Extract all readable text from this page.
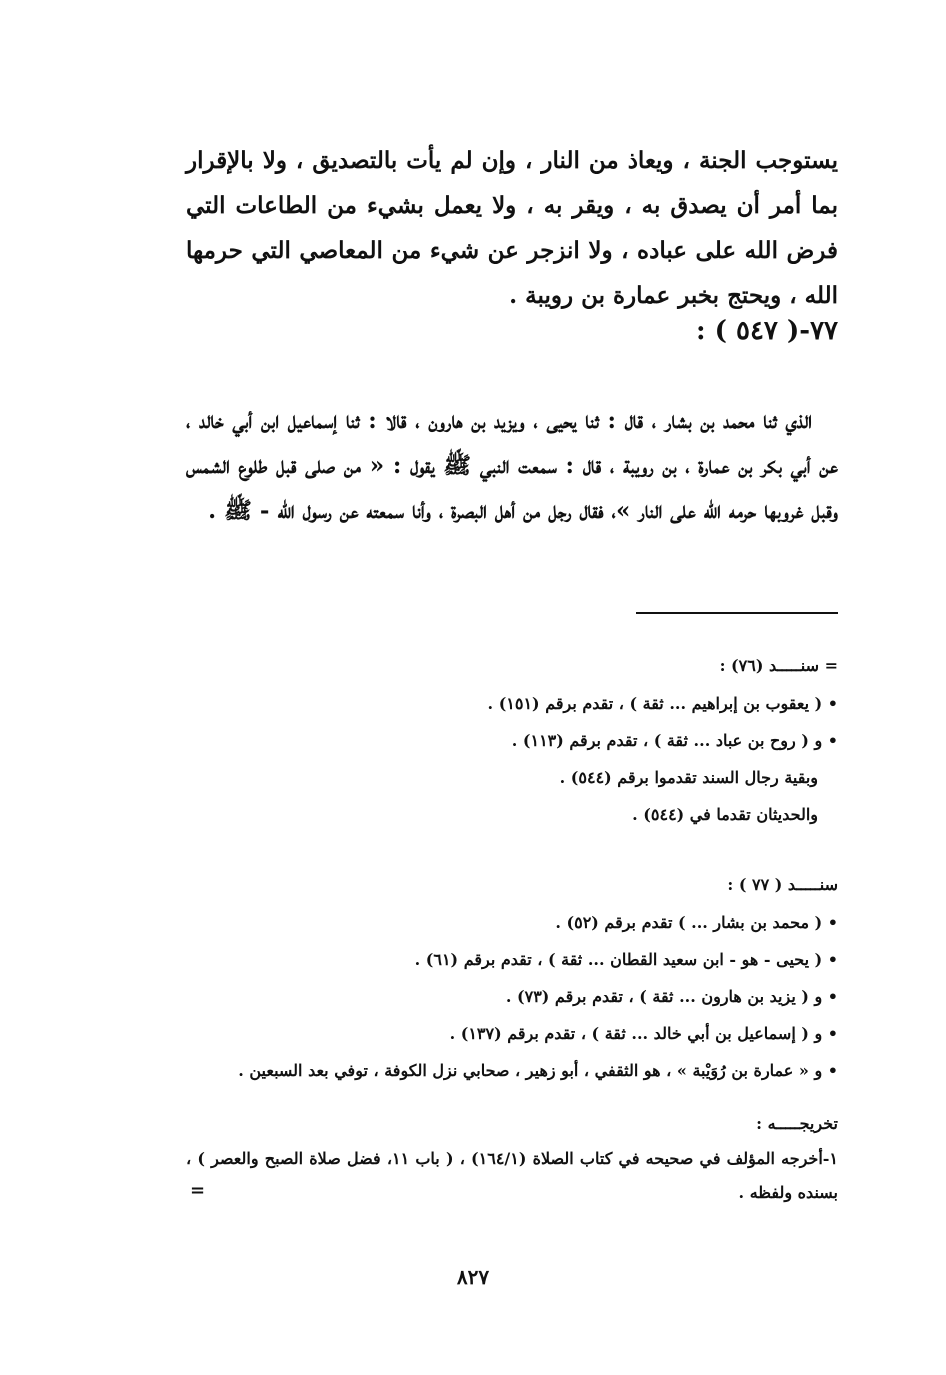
يستوجب الجنة ، ويعاذ من النار ، وإن لم يأت بالتصديق ، ولا بالإقرار بما أمر أن يصدق به ، ويقر به ، ولا يعمل بشيء من الطاعات التي فرض الله على عباده ، ولا انزجر عن شيء من المعاصي التي حرمها الله ، ويحتج بخبر عمارة بن رويبة .

٧٧-( ٥٤٧ ) :

الذي ثنا محمد بن بشار ، قال : ثنا يحيى ، ويزيد بن هارون ، قالا : ثنا إسماعيل ابن أبي خالد ، عن أبي بكر بن عمارة ، بن رويبة ، قال : سمعت النبي ﷺ يقول : « من صلى قبل طلوع الشمس وقبل غروبها حرمه الله على النار »، فقال رجل من أهل البصرة ، وأنا سمعته عن رسول الله - ﷺ .

= سنـــــد (٧٦) :

• ( يعقوب بن إبراهيم ... ثقة ) ، تقدم برقم (١٥١) .

• و ( روح بن عباد ... ثقة ) ، تقدم برقم (١١٣) .

وبقية رجال السند تقدموا برقم (٥٤٤) .

والحديثان تقدما في (٥٤٤) .

سنـــــد ( ٧٧ ) :

• ( محمد بن بشار ... ) تقدم برقم (٥٢) .

• ( يحيى - هو - ابن سعيد القطان ... ثقة ) ، تقدم برقم (٦١) .

• و ( يزيد بن هارون ... ثقة ) ، تقدم برقم (٧٣) .

• و ( إسماعيل بن أبي خالد ... ثقة ) ، تقدم برقم (١٣٧) .

• و « عمارة بن رُوَيْبة » ، هو الثقفي ، أبو زهير ، صحابي نزل الكوفة ، توفي بعد السبعين .

تخريجـــــه :

١-أخرجه المؤلف في صحيحه في كتاب الصلاة (١٦٤/١) ، ( باب ١١، فضل صلاة الصبح والعصر ) ، بسنده ولفظه .

=
٨٢٧
